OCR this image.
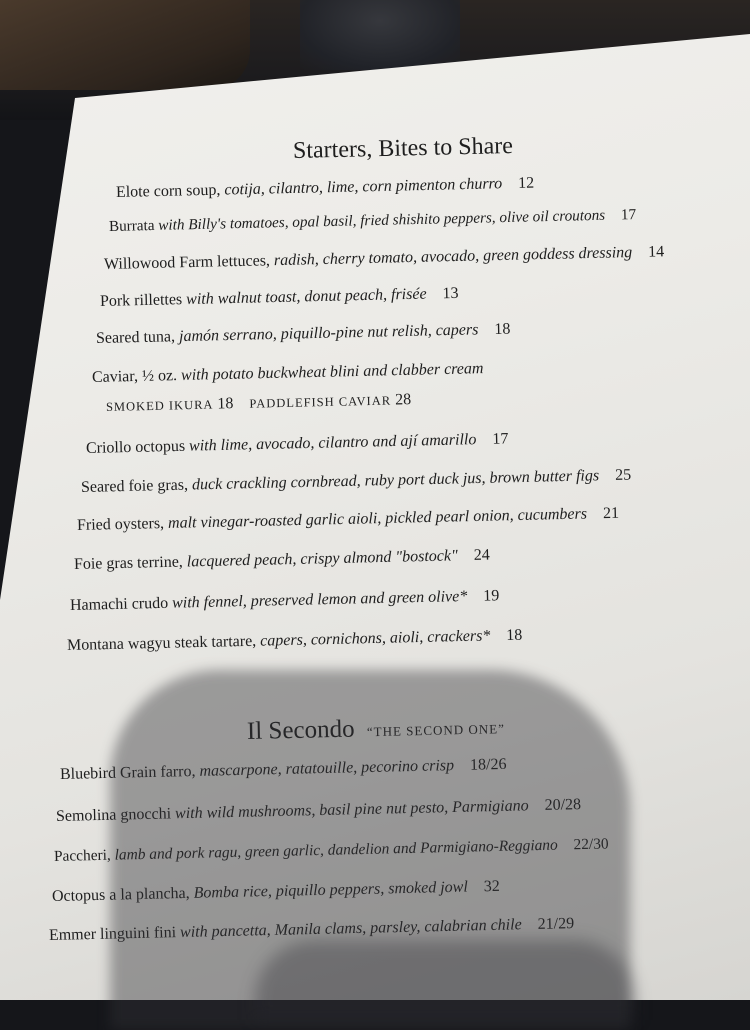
Starters, Bites to Share
Elote corn soup, cotija, cilantro, lime, corn pimenton churro 12
Burrata with Billy's tomatoes, opal basil, fried shishito peppers, olive oil croutons 17
Willowood Farm lettuces, radish, cherry tomato, avocado, green goddess dressing 14
Pork rillettes with walnut toast, donut peach, frisée 13
Seared tuna, jamón serrano, piquillo-pine nut relish, capers 18
Caviar, ½ oz. with potato buckwheat blini and clabber cream
SMOKED IKURA 18 PADDLEFISH CAVIAR 28
Criollo octopus with lime, avocado, cilantro and ají amarillo 17
Seared foie gras, duck crackling cornbread, ruby port duck jus, brown butter figs 25
Fried oysters, malt vinegar-roasted garlic aioli, pickled pearl onion, cucumbers 21
Foie gras terrine, lacquered peach, crispy almond "bostock" 24
Hamachi crudo with fennel, preserved lemon and green olive* 19
Montana wagyu steak tartare, capers, cornichons, aioli, crackers* 18
Il Secondo “THE SECOND ONE”
Bluebird Grain farro, mascarpone, ratatouille, pecorino crisp 18/26
Semolina gnocchi with wild mushrooms, basil pine nut pesto, Parmigiano 20/28
Paccheri, lamb and pork ragu, green garlic, dandelion and Parmigiano-Reggiano 22/30
Octopus a la plancha, Bomba rice, piquillo peppers, smoked jowl 32
Emmer linguini fini with pancetta, Manila clams, parsley, calabrian chile 21/29
